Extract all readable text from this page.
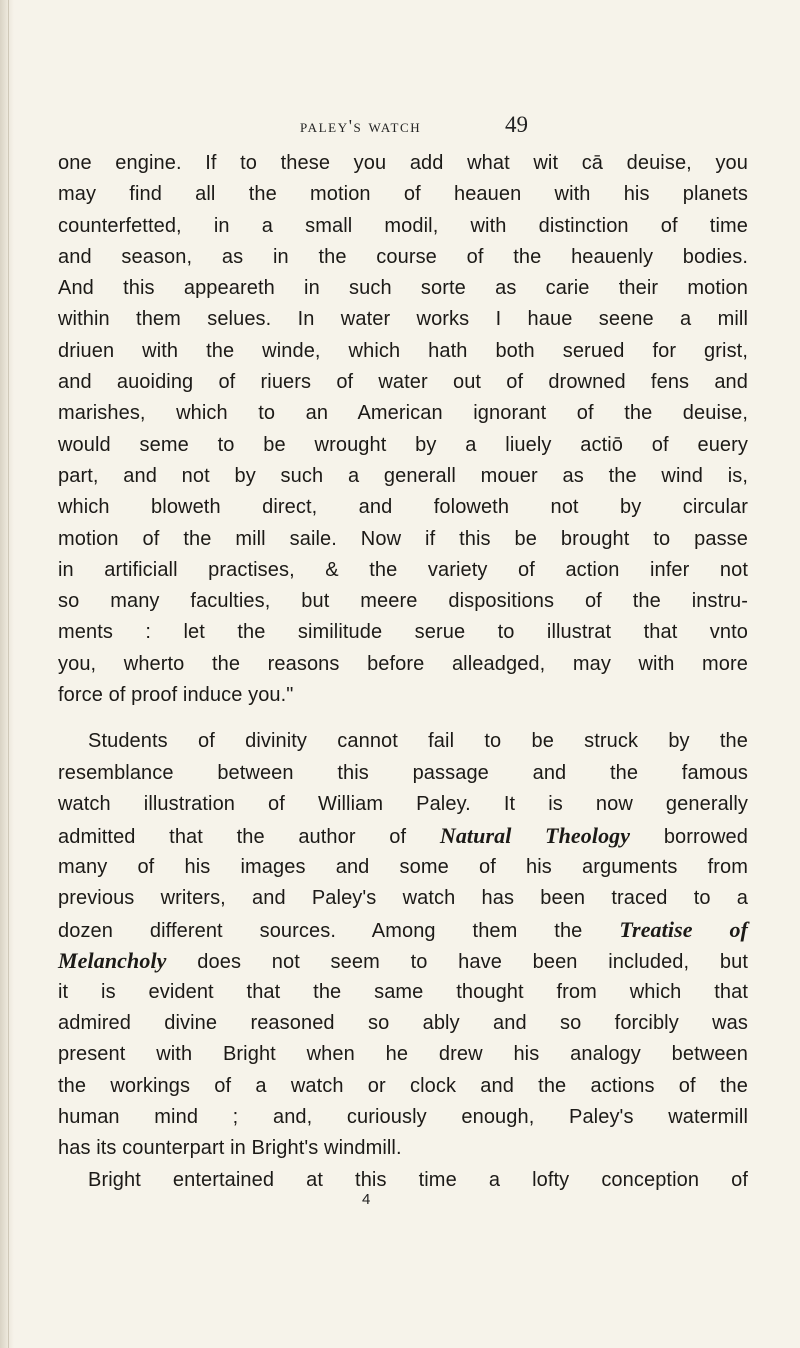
paley's watch	49
one engine. If to these you add what wit cā deuise, you
may find all the motion of heauen with his planets
counterfetted, in a small modil, with distinction of time
and season, as in the course of the heauenly bodies.
And this appeareth in such sorte as carie their motion
within them selues. In water works I haue seene a mill
driuen with the winde, which hath both serued for grist,
and auoiding of riuers of water out of drowned fens and
marishes, which to an American ignorant of the deuise,
would seme to be wrought by a liuely actiō of euery
part, and not by such a generall mouer as the wind is,
which bloweth direct, and foloweth not by circular
motion of the mill saile. Now if this be brought to passe
in artificiall practises, & the variety of action infer not
so many faculties, but meere dispositions of the instru-
ments : let the similitude serue to illustrat that vnto
you, wherto the reasons before alleadged, may with more
force of proof induce you."
Students of divinity cannot fail to be struck by the
resemblance between this passage and the famous
watch illustration of William Paley. It is now generally
admitted that the author of Natural Theology borrowed
many of his images and some of his arguments from
previous writers, and Paley's watch has been traced to a
dozen different sources. Among them the Treatise of
Melancholy does not seem to have been included, but
it is evident that the same thought from which that
admired divine reasoned so ably and so forcibly was
present with Bright when he drew his analogy between
the workings of a watch or clock and the actions of the
human mind ; and, curiously enough, Paley's watermill
has its counterpart in Bright's windmill.
Bright entertained at this time a lofty conception of
4
